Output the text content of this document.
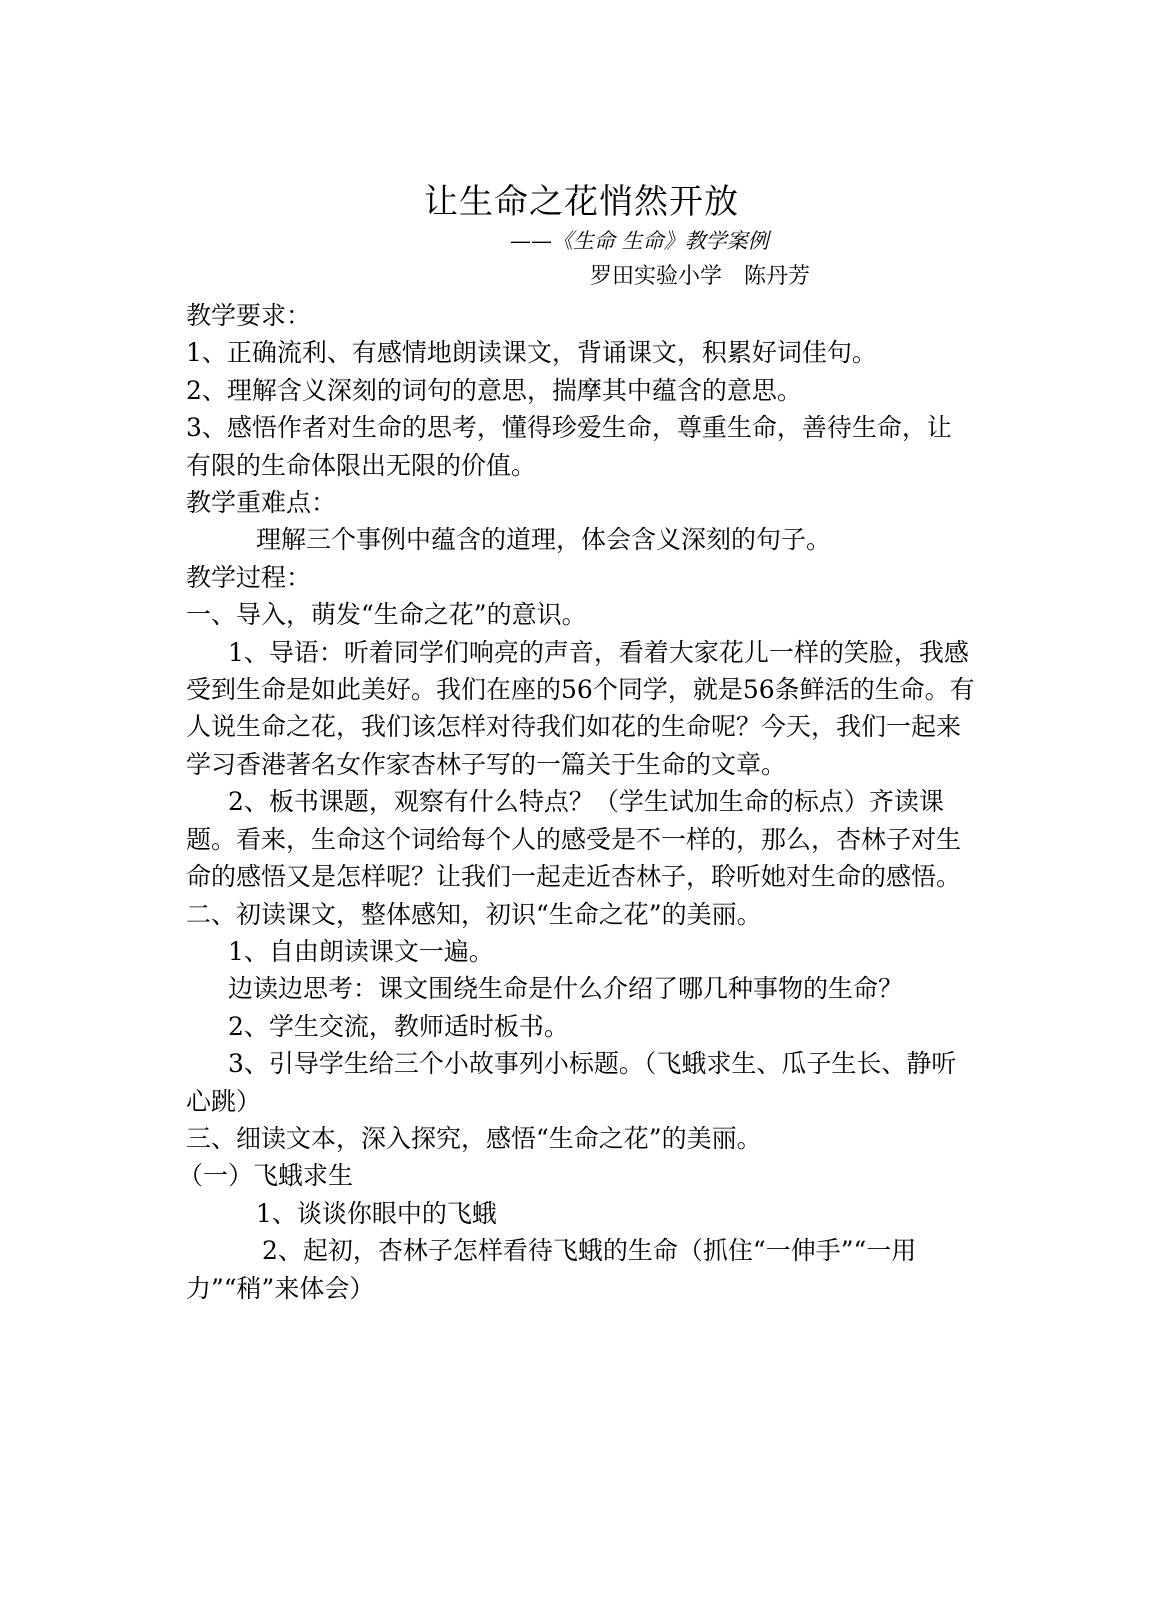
让生命之花悄然开放
——《生命 生命》教学案例
罗田实验小学　陈丹芳

教学要求：

1、正确流利、有感情地朗读课文，背诵课文，积累好词佳句。

2、理解含义深刻的词句的意思，揣摩其中蕴含的意思。

3、感悟作者对生命的思考，懂得珍爱生命，尊重生命，善待生命，让有限的生命体限出无限的价值。

教学重难点：

理解三个事例中蕴含的道理，体会含义深刻的句子。

教学过程：

一、导入，萌发“生命之花”的意识。

1、导语：听着同学们响亮的声音，看着大家花儿一样的笑脸，我感受到生命是如此美好。我们在座的56个同学，就是56条鲜活的生命。有人说生命之花，我们该怎样对待我们如花的生命呢？今天，我们一起来学习香港著名女作家杏林子写的一篇关于生命的文章。

2、板书课题，观察有什么特点？（学生试加生命的标点）齐读课题。看来，生命这个词给每个人的感受是不一样的，那么，杏林子对生命的感悟又是怎样呢？让我们一起走近杏林子，聆听她对生命的感悟。

二、初读课文，整体感知，初识“生命之花”的美丽。

1、自由朗读课文一遍。

边读边思考：课文围绕生命是什么介绍了哪几种事物的生命？

2、学生交流，教师适时板书。

3、引导学生给三个小故事列小标题。（飞蛾求生、瓜子生长、静听心跳）

三、细读文本，深入探究，感悟“生命之花”的美丽。

（一）飞蛾求生

1、谈谈你眼中的飞蛾

2、起初，杏林子怎样看待飞蛾的生命（抓住“一伸手”“一用力”“稍”来体会）
